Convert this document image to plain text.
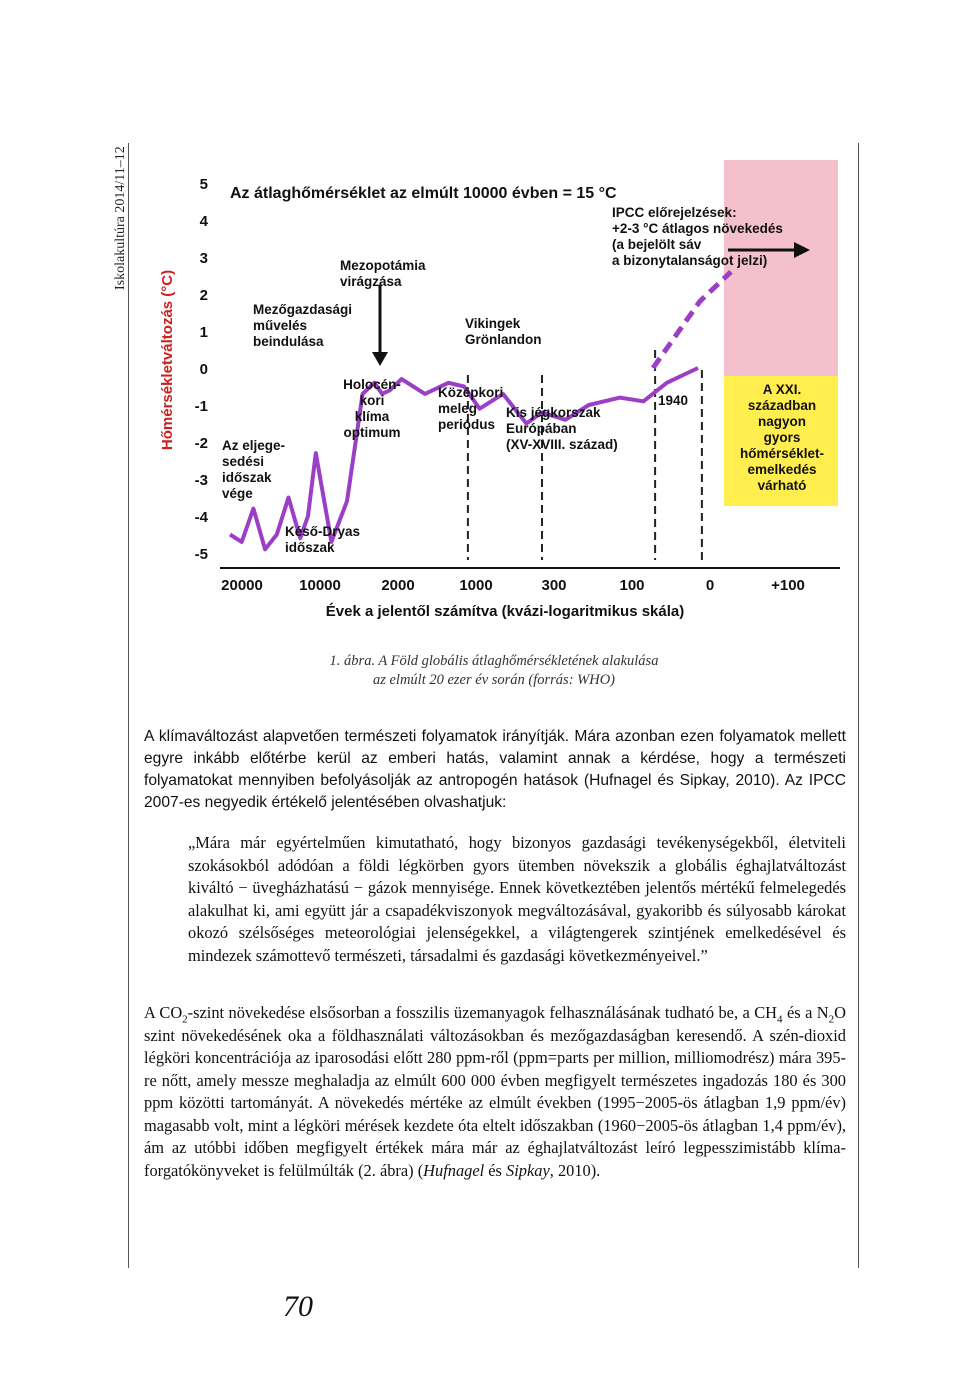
Iskolakultúra 2014/11–12	Az átlaghőmérséklet az elmúlt 10000 évben = 15 °C
Hőmérsékletváltozás (°C)
5
4
3
2
1
0
-1
-2
-3
-4
-5
20000 10000	2000	1000	300	100	0	+100
Évek a jelentől számítva (kvázi-logaritmikus skála)
Mezőgazdasági művelés beindulása
Mezopotámia virágzása
Vikingek Grönlandon
Holocén-kori klíma optimum
Középkori meleg periódus
Kis jégkorszak Európában (XV-XVIII. század)
Az eljege-sedési időszak vége
Késő-Dryas időszak
1940
IPCC előrejelzések: +2-3 °C átlagos növekedés (a bejelölt sáv a bizonytalanságot jelzi)
A XXI. században nagyon gyors hőmérséklet-emelkedés várható
1. ábra. A Föld globális átlaghőmérsékletének alakulása
az elmúlt 20 ezer év során (forrás: WHO)
A klímaváltozást alapvetően természeti folyamatok irányítják. Mára azonban ezen folyamatok mellett egyre inkább előtérbe kerül az emberi hatás, valamint annak a kérdése, hogy a természeti folyamatokat mennyiben befolyásolják az antropogén hatások (Hufnagel és Sipkay, 2010). Az IPCC 2007-es negyedik értékelő jelentésében olvashatjuk:
„Mára már egyértelműen kimutatható, hogy bizonyos gazdasági tevékenységekből, életviteli szokásokból adódóan a földi légkörben gyors ütemben növekszik a globális éghajlatváltozást kiváltó − üvegházhatású − gázok mennyisége. Ennek következtében jelentős mértékű felmelegedés alakulhat ki, ami együtt jár a csapadékviszonyok megváltozásával, gyakoribb és súlyosabb károkat okozó szélsőséges meteorológiai jelenségekkel, a világtengerek szintjének emelkedésével és mindezek számottevő természeti, társadalmi és gazdasági következményeivel.”
A $CO_2$-szint növekedése elsősorban a fosszilis üzemanyagok felhasználásának tudható be, a $CH_4$ és a $N_2O$ szint növekedésének oka a földhasználati változásokban és mezőgazdaságban keresendő. A szén-dioxid légköri koncentrációja az iparosodási előtt 280 ppm-ről (ppm=parts per million, milliomodrész) mára 395-re nőtt, amely messze meghaladja az elmúlt 600 000 évben megfigyelt természetes ingadozás 180 és 300 ppm közötti tartományát. A növekedés mértéke az elmúlt években (1995−2005-ös átlagban 1,9 ppm/év) magasabb volt, mint a légköri mérések kezdete óta eltelt időszakban (1960−2005-ös átlagban 1,4 ppm/év), ám az utóbbi időben megfigyelt értékek mára már az éghajlatváltozást leíró legpesszimistább klíma-forgatókönyveket is felülmúlták (2. ábra) (Hufnagel és Sipkay, 2010).
70
